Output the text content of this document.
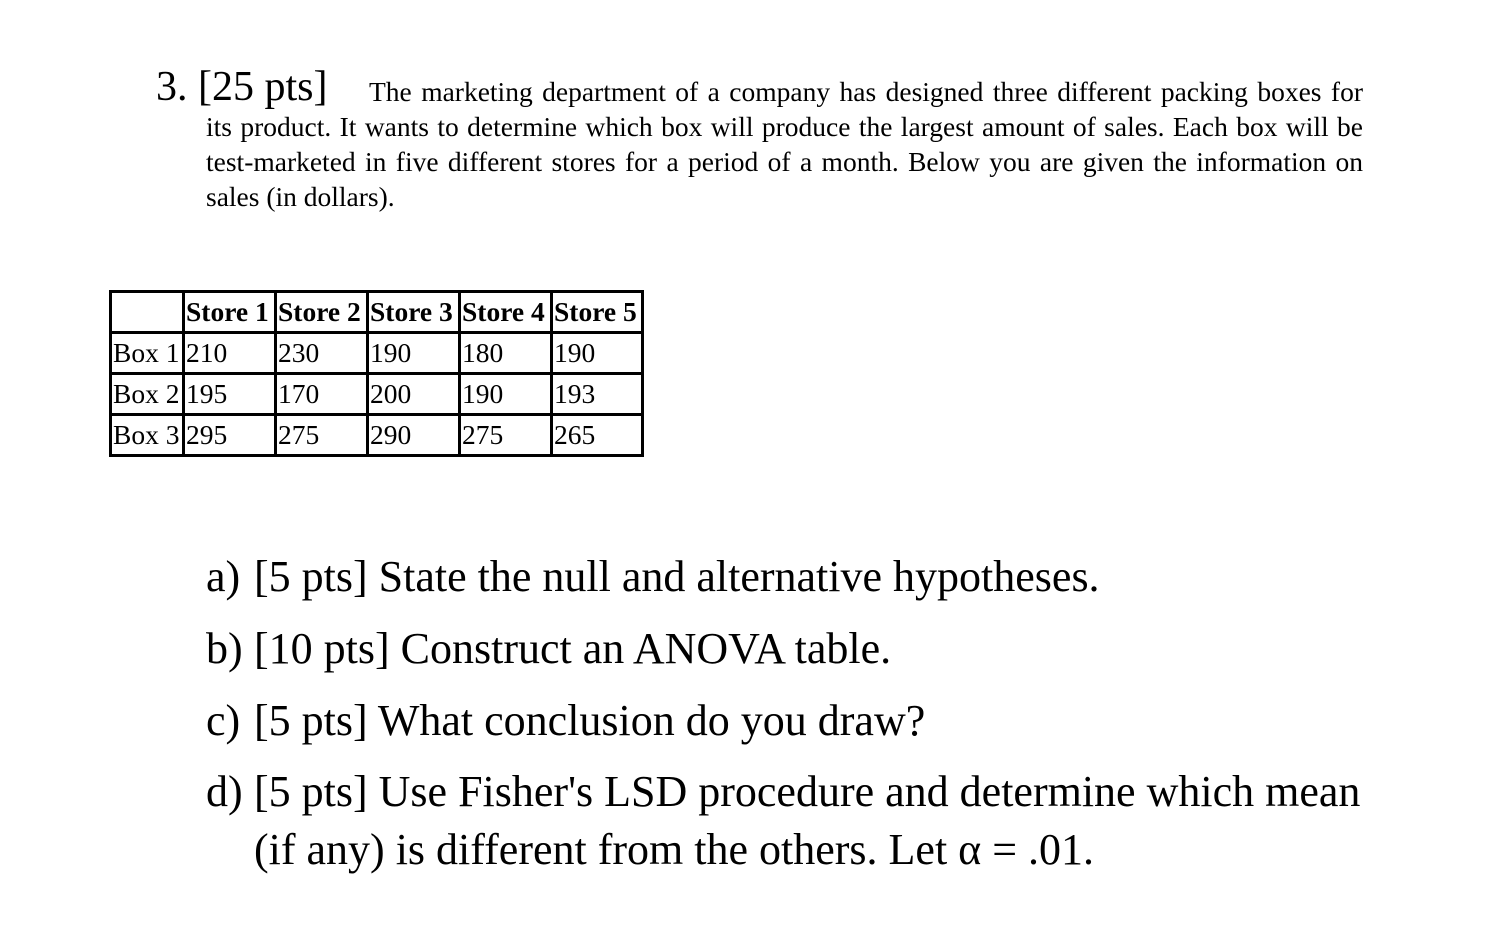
3. [25 pts]	The marketing department of a company has designed three different packing boxes for its product. It wants to determine which box will produce the largest amount of sales. Each box will be test-marketed in five different stores for a period of a month. Below you are given the information on sales (in dollars).
	Store 1	Store 2	Store 3	Store 4	Store 5
Box 1	210	230	190	180	190
Box 2	195	170	200	190	193
Box 3	295	275	290	275	265
a) [5 pts] State the null and alternative hypotheses.
b) [10 pts] Construct an ANOVA table.
c) [5 pts] What conclusion do you draw?
d) [5 pts] Use Fisher's LSD procedure and determine which mean (if any) is different from the others. Let α = .01.
